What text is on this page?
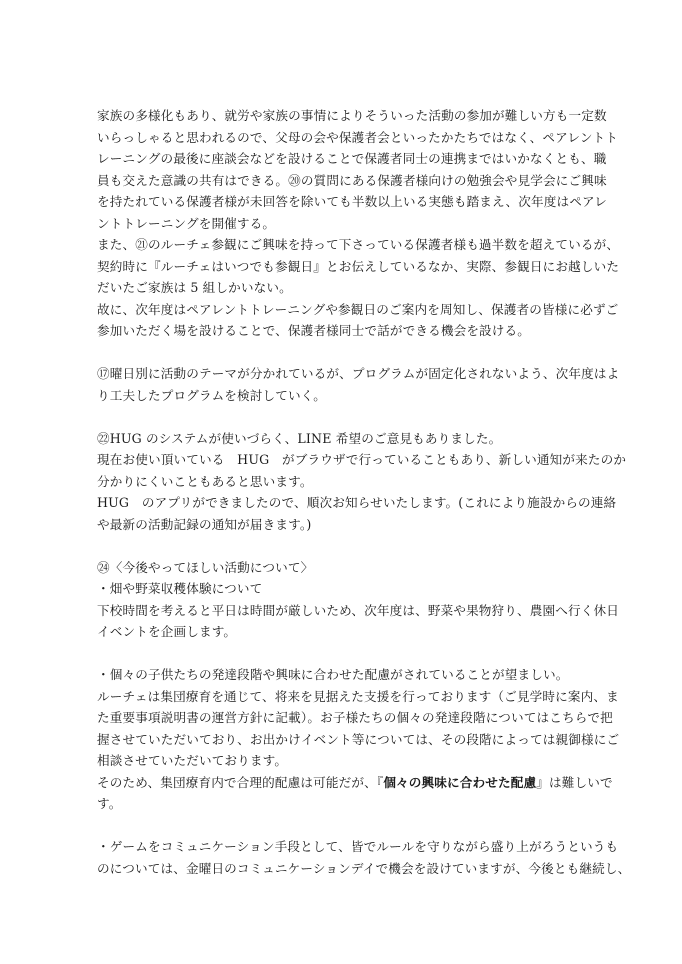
家族の多様化もあり、就労や家族の事情によりそういった活動の参加が難しい方も一定数
いらっしゃると思われるので、父母の会や保護者会といったかたちではなく、ペアレントト
レーニングの最後に座談会などを設けることで保護者同士の連携まではいかなくとも、職
員も交えた意識の共有はできる。⑳の質問にある保護者様向けの勉強会や見学会にご興味
を持たれている保護者様が未回答を除いても半数以上いる実態も踏まえ、次年度はペアレ
ントトレーニングを開催する。
また、㉑のルーチェ参観にご興味を持って下さっている保護者様も過半数を超えているが、
契約時に『ルーチェはいつでも参観日』とお伝えしているなか、実際、参観日にお越しいた
だいたご家族は 5 組しかいない。
故に、次年度はペアレントトレーニングや参観日のご案内を周知し、保護者の皆様に必ずご
参加いただく場を設けることで、保護者様同士で話ができる機会を設ける。
⑰曜日別に活動のテーマが分かれているが、プログラムが固定化されないよう、次年度はよ
り工夫したプログラムを検討していく。
㉒HUG のシステムが使いづらく、LINE 希望のご意見もありました。
現在お使い頂いている　HUG　がブラウザで行っていることもあり、新しい通知が来たのか
分かりにくいこともあると思います。
HUG　のアプリができましたので、順次お知らせいたします。(これにより施設からの連絡
や最新の活動記録の通知が届きます。)
㉔〈今後やってほしい活動について〉
・畑や野菜収穫体験について
下校時間を考えると平日は時間が厳しいため、次年度は、野菜や果物狩り、農園へ行く休日
イベントを企画します。
・個々の子供たちの発達段階や興味に合わせた配慮がされていることが望ましい。
ルーチェは集団療育を通じて、将来を見据えた支援を行っております（ご見学時に案内、ま
た重要事項説明書の運営方針に記載）。お子様たちの個々の発達段階についてはこちらで把
握させていただいており、お出かけイベント等については、その段階によっては親御様にご
相談させていただいております。
そのため、集団療育内で合理的配慮は可能だが、『個々の興味に合わせた配慮』は難しいで
す。
・ゲームをコミュニケーション手段として、皆でルールを守りながら盛り上がろうというも
のについては、金曜日のコミュニケーションデイで機会を設けていますが、今後とも継続し、
